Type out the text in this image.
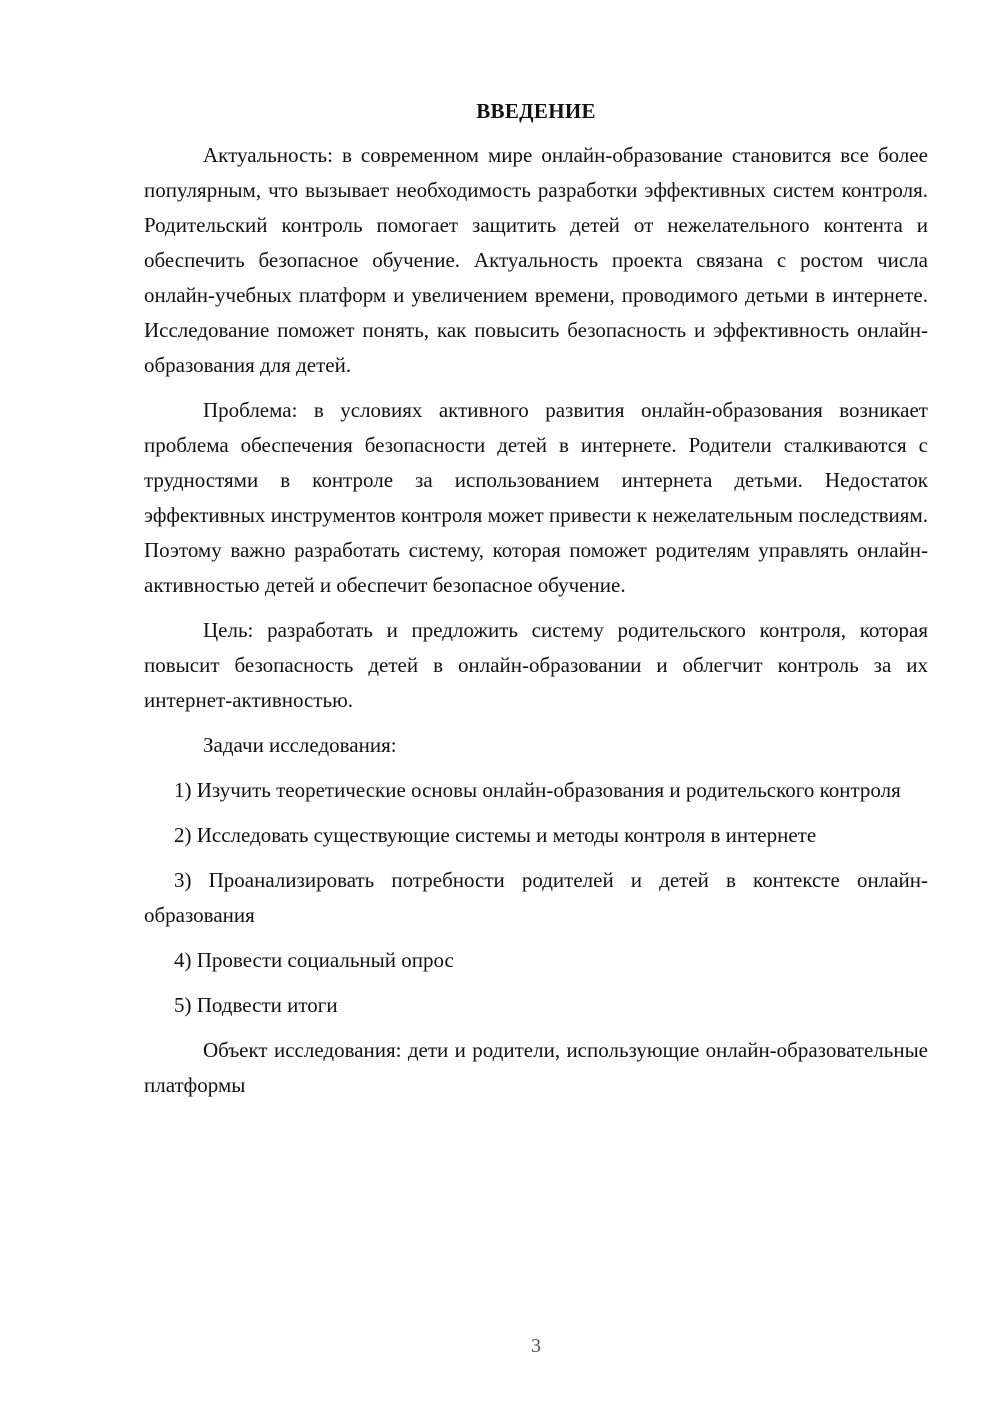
ВВЕДЕНИЕ

Актуальность: в современном мире онлайн-образование становится все более популярным, что вызывает необходимость разработки эффективных систем контроля. Родительский контроль помогает защитить детей от нежелательного контента и обеспечить безопасное обучение. Актуальность проекта связана с ростом числа онлайн-учебных платформ и увеличением времени, проводимого детьми в интернете. Исследование поможет понять, как повысить безопасность и эффективность онлайн-образования для детей.

Проблема: в условиях активного развития онлайн-образования возникает проблема обеспечения безопасности детей в интернете. Родители сталкиваются с трудностями в контроле за использованием интернета детьми. Недостаток эффективных инструментов контроля может привести к нежелательным последствиям. Поэтому важно разработать систему, которая поможет родителям управлять онлайн-активностью детей и обеспечит безопасное обучение.

Цель: разработать и предложить систему родительского контроля, которая повысит безопасность детей в онлайн-образовании и облегчит контроль за их интернет-активностью.

Задачи исследования:

1) Изучить теоретические основы онлайн-образования и родительского контроля

2) Исследовать существующие системы и методы контроля в интернете

3) Проанализировать потребности родителей и детей в контексте онлайн-образования

4) Провести социальный опрос

5) Подвести итоги

Объект исследования: дети и родители, использующие онлайн-образовательные платформы

3
